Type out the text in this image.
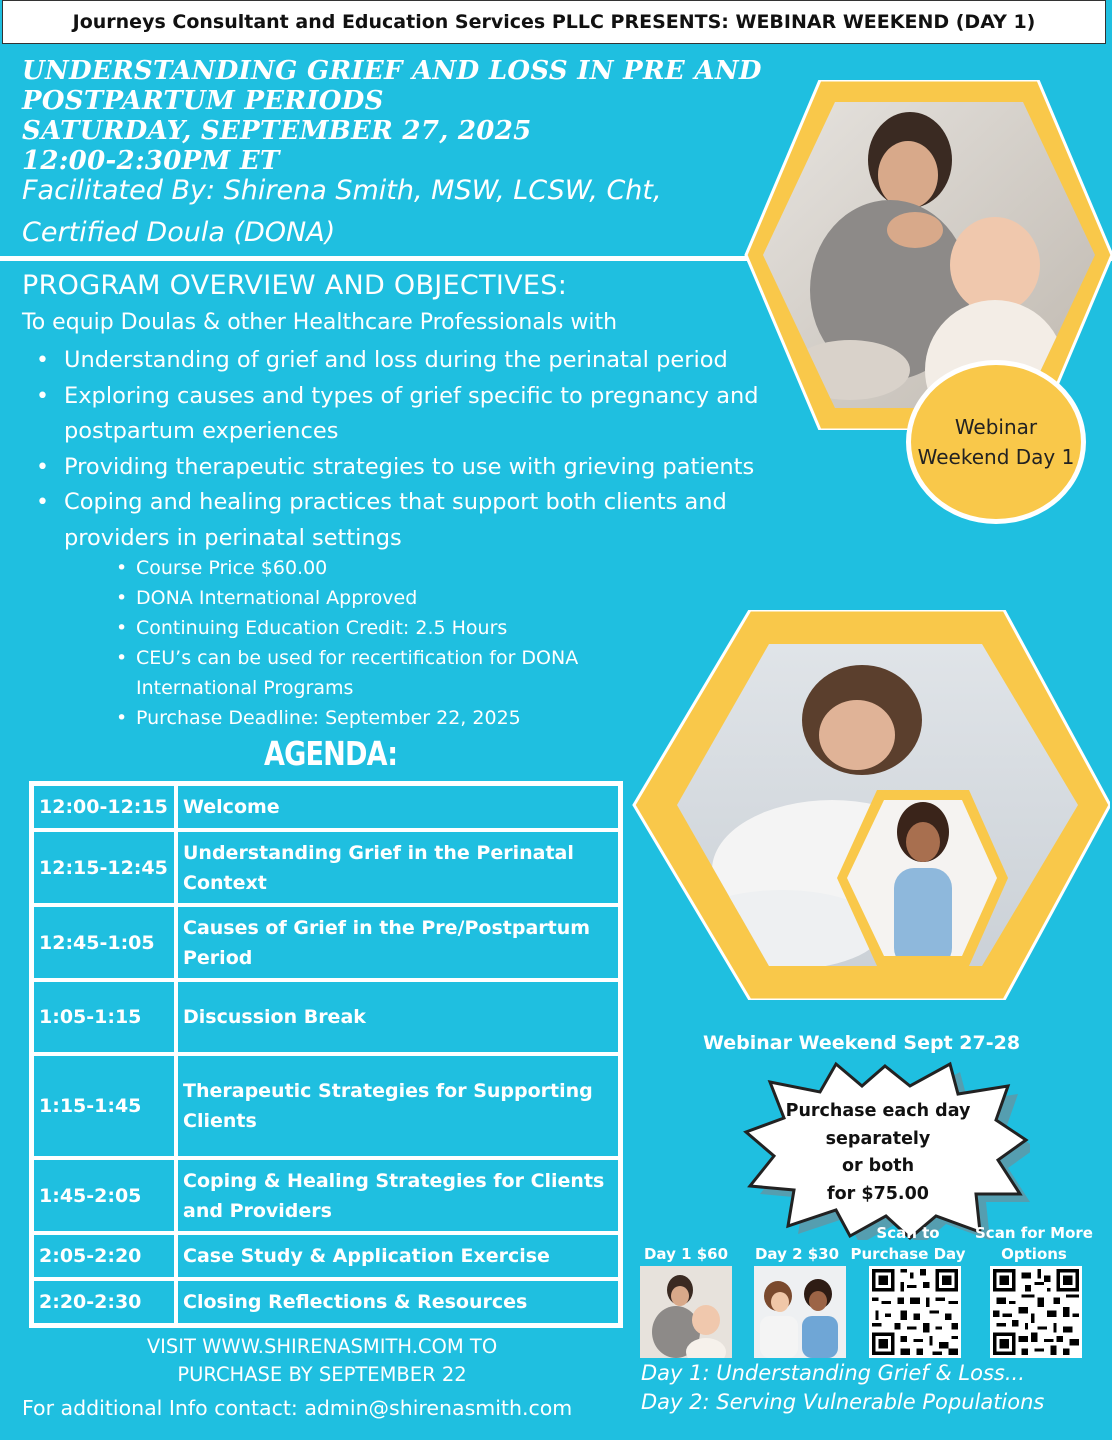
Journeys Consultant and Education Services PLLC PRESENTS: WEBINAR WEEKEND (DAY 1)
UNDERSTANDING GRIEF AND LOSS IN PRE AND
POSTPARTUM PERIODS
SATURDAY, SEPTEMBER 27, 2025
12:00-2:30PM ET
Facilitated By: Shirena Smith, MSW, LCSW, Cht,
Certified Doula (DONA)
Webinar
Weekend Day 1
PROGRAM OVERVIEW AND OBJECTIVES:
To equip Doulas & other Healthcare Professionals with
• Understanding of grief and loss during the perinatal period
• Exploring causes and types of grief specific to pregnancy and postpartum experiences
• Providing therapeutic strategies to use with grieving patients
• Coping and healing practices that support both clients and providers in perinatal settings
• Course Price $60.00
• DONA International Approved
• Continuing Education Credit: 2.5 Hours
• CEU’s can be used for recertification for DONA International Programs
• Purchase Deadline: September 22, 2025
AGENDA:
12:00-12:15	Welcome
12:15-12:45	Understanding Grief in the Perinatal Context
12:45-1:05	Causes of Grief in the Pre/Postpartum Period
1:05-1:15	Discussion Break
1:15-1:45	Therapeutic Strategies for Supporting Clients
1:45-2:05	Coping & Healing Strategies for Clients and Providers
2:05-2:20	Case Study & Application Exercise
2:20-2:30	Closing Reflections & Resources
VISIT WWW.SHIRENASMITH.COM TO
PURCHASE BY SEPTEMBER 22
For additional Info contact: admin@shirenasmith.com
Webinar Weekend Sept 27-28
Purchase each day
separately
or both
for $75.00
Day 1 $60 Day 2 $30
Scan to
Purchase Day
Scan for More
Options
Day 1: Understanding Grief & Loss...
Day 2: Serving Vulnerable Populations
